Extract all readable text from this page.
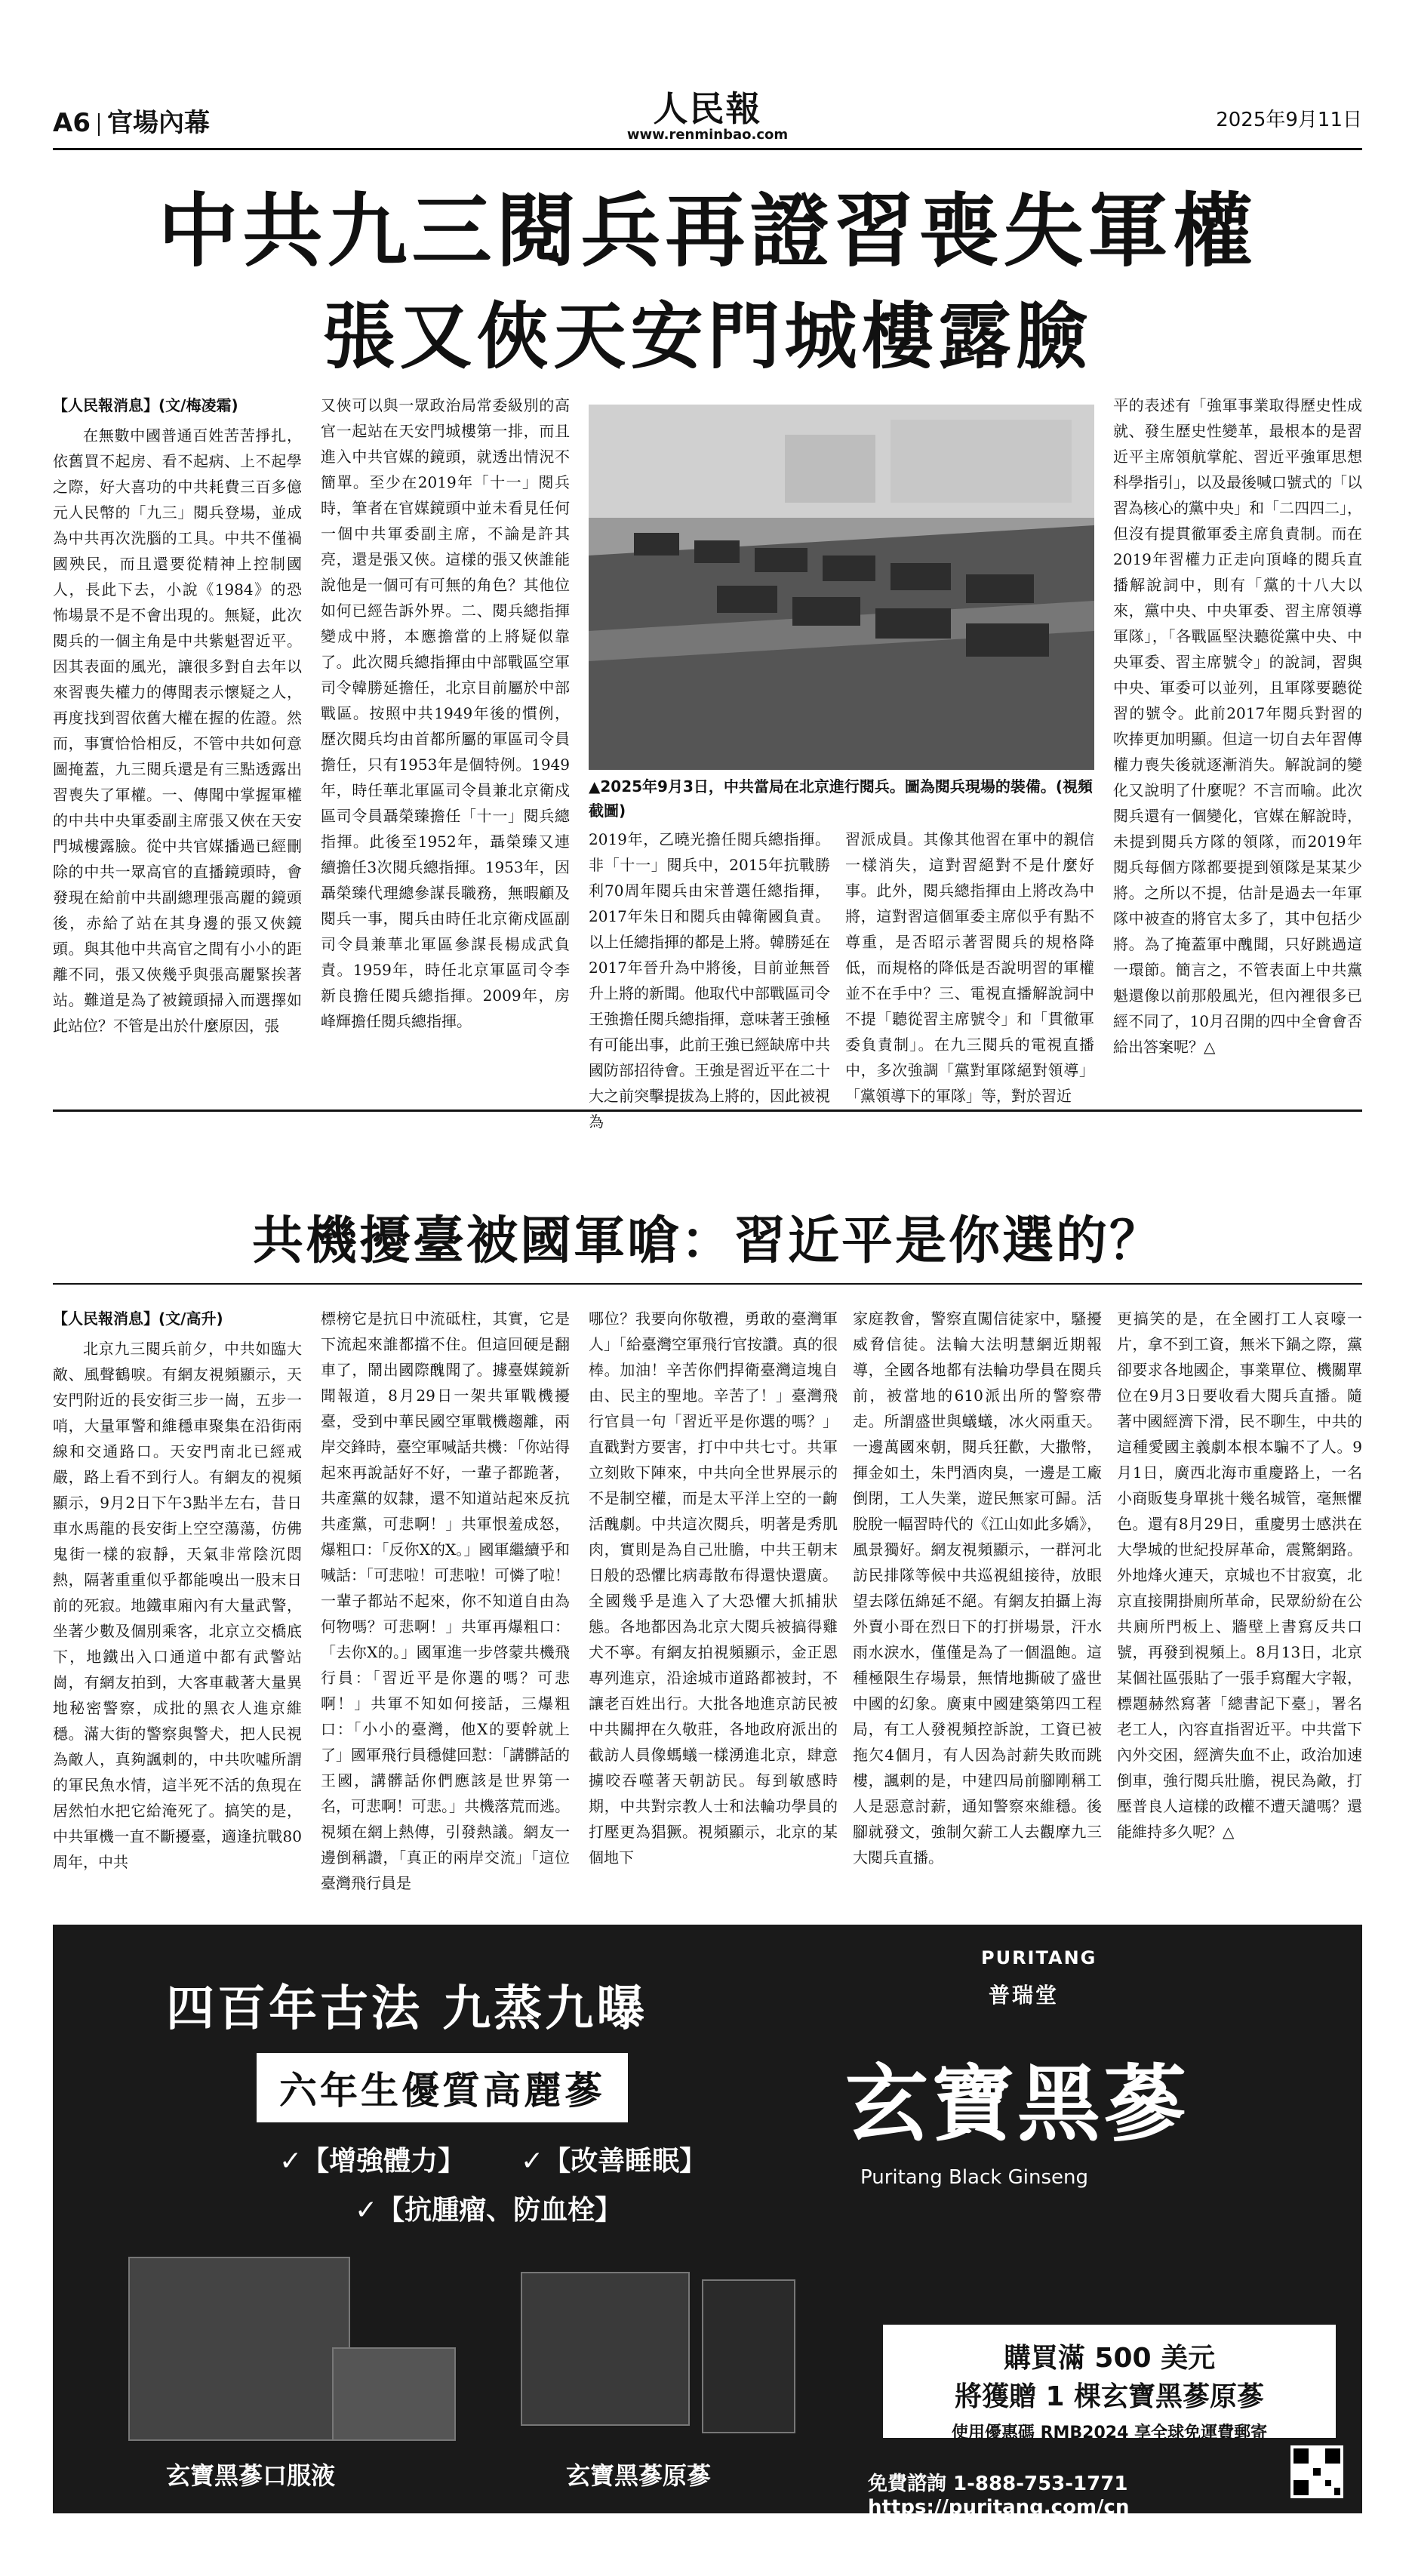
A6 官場內幕	人民報
www.renminbao.com
2025年9月11日
中共九三閱兵再證習喪失軍權
張又俠天安門城樓露臉
【人民報消息】(文/梅凌霜)

在無數中國普通百姓苦苦掙扎，依舊買不起房、看不起病、上不起學之際，好大喜功的中共耗費三百多億元人民幣的「九三」閱兵登場，並成為中共再次洗腦的工具。中共不僅禍國殃民，而且還要從精神上控制國人，長此下去，小說《1984》的恐怖場景不是不會出現的。無疑，此次閱兵的一個主角是中共紫魁習近平。因其表面的風光，讓很多對自去年以來習喪失權力的傳聞表示懷疑之人，再度找到習依舊大權在握的佐證。然而，事實恰恰相反，不管中共如何意圖掩蓋，九三閱兵還是有三點透露出習喪失了軍權。一、傳聞中掌握軍權的中共中央軍委副主席張又俠在天安門城樓露臉。從中共官媒播過已經刪除的中共一眾高官的直播鏡頭時，會發現在給前中共副總理張高麗的鏡頭後，赤給了站在其身邊的張又俠鏡頭。與其他中共高官之間有小小的距離不同，張又俠幾乎與張高麗緊挨著站。難道是為了被鏡頭掃入而選擇如此站位？不管是出於什麼原因，張

又俠可以與一眾政治局常委級別的高官一起站在天安門城樓第一排，而且進入中共官媒的鏡頭，就透出情況不簡單。至少在2019年「十一」閱兵時，筆者在官媒鏡頭中並未看見任何一個中共軍委副主席，不論是許其亮，還是張又俠。這樣的張又俠誰能說他是一個可有可無的角色？其他位如何已經告訴外界。二、閱兵總指揮變成中將，本應擔當的上將疑似靠了。此次閱兵總指揮由中部戰區空軍司令韓勝延擔任，北京目前屬於中部戰區。按照中共1949年後的慣例，歷次閱兵均由首都所屬的軍區司令員擔任，只有1953年是個特例。1949年，時任華北軍區司令員兼北京衛戍區司令員聶榮臻擔任「十一」閱兵總指揮。此後至1952年，聶榮臻又連續擔任3次閱兵總指揮。1953年，因聶榮臻代理總參謀長職務，無暇顧及閱兵一事，閱兵由時任北京衛戍區副司令員兼華北軍區參謀長楊成武負責。1959年，時任北京軍區司令李新良擔任閱兵總指揮。2009年，房峰輝擔任閱兵總指揮。

▲2025年9月3日，中共當局在北京進行閱兵。圖為閱兵現場的裝備。(視頻截圖)

2019年，乙曉光擔任閱兵總指揮。非「十一」閱兵中，2015年抗戰勝利70周年閱兵由宋普選任總指揮，2017年朱日和閱兵由韓衛國負責。以上任總指揮的都是上將。韓勝延在2017年晉升為中將後，目前並無晉升上將的新聞。他取代中部戰區司令王強擔任閱兵總指揮，意味著王強極有可能出事，此前王強已經缺席中共國防部招待會。王強是習近平在二十大之前突擊提拔為上將的，因此被視為

習派成員。其像其他習在軍中的親信一樣消失，這對習絕對不是什麼好事。此外，閱兵總指揮由上將改為中將，這對習這個軍委主席似乎有點不尊重，是否昭示著習閱兵的規格降低，而規格的降低是否說明習的軍權並不在手中？三、電視直播解說詞中不提「聽從習主席號令」和「貫徹軍委負責制」。在九三閱兵的電視直播中，多次強調「黨對軍隊絕對領導」「黨領導下的軍隊」等，對於習近

平的表述有「強軍事業取得歷史性成就、發生歷史性變革，最根本的是習近平主席領航掌舵、習近平強軍思想科學指引」，以及最後喊口號式的「以習為核心的黨中央」和「二四四二」，但沒有提貫徹軍委主席負責制。而在2019年習權力正走向頂峰的閱兵直播解說詞中，則有「黨的十八大以來，黨中央、中央軍委、習主席領導軍隊」，「各戰區堅決聽從黨中央、中央軍委、習主席號令」的說詞，習與中央、軍委可以並列，且軍隊要聽從習的號令。此前2017年閱兵對習的吹捧更加明顯。但這一切自去年習傳權力喪失後就逐漸消失。解說詞的變化又說明了什麼呢？不言而喻。此次閱兵還有一個變化，官媒在解說時，未提到閱兵方隊的領隊，而2019年閱兵每個方隊都要提到領隊是某某少將。之所以不提，估計是過去一年軍隊中被查的將官太多了，其中包括少將。為了掩蓋軍中醜聞，只好跳過這一環節。簡言之，不管表面上中共黨魁還像以前那般風光，但內裡很多已經不同了，10月召開的四中全會會否給出答案呢？△

共機擾臺被國軍嗆：習近平是你選的？
【人民報消息】(文/高升)

北京九三閱兵前夕，中共如臨大敵、風聲鶴唳。有網友視頻顯示，天安門附近的長安街三步一崗，五步一哨，大量軍警和維穩車聚集在沿街兩線和交通路口。天安門南北已經戒嚴，路上看不到行人。有網友的視頻顯示，9月2日下午3點半左右，昔日車水馬龍的長安街上空空蕩蕩，仿佛鬼街一樣的寂靜，天氣非常陰沉悶熱，隔著重重似乎都能嗅出一股末日前的死寂。地鐵車廂內有大量武警，坐著少數及個別乘客，北京立交橋底下，地鐵出入口通道中都有武警站崗，有網友拍到，大客車載著大量異地秘密警察，成批的黑衣人進京維穩。滿大街的警察與警犬，把人民視為敵人，真夠諷刺的，中共吹噓所謂的軍民魚水情，這半死不活的魚現在居然怕水把它給淹死了。搞笑的是，中共軍機一直不斷擾臺，適逢抗戰80周年，中共

標榜它是抗日中流砥柱，其實，它是下流起來誰都擋不住。但這回硬是翻車了，鬧出國際醜聞了。據臺媒鏡新聞報道，8月29日一架共軍戰機擾臺，受到中華民國空軍戰機趨離，兩岸交鋒時，臺空軍喊話共機：「你站得起來再說話好不好，一輩子都跪著，共產黨的奴隸，還不知道站起來反抗共產黨，可悲啊！」共軍恨羞成怒，爆粗口：「反你X的X。」國軍繼續乎和喊話：「可悲啦！可悲啦！可憐了啦！一輩子都站不起來，你不知道自由為何物嗎？可悲啊！」共軍再爆粗口：「去你X的。」國軍進一步啓蒙共機飛行員：「習近平是你選的嗎？可悲啊！」共軍不知如何接話，三爆粗口：「小小的臺灣，他X的要幹就上了」國軍飛行員穩健回懟：「講髒話的王國，講髒話你們應該是世界第一名，可悲啊！可悲。」共機落荒而逃。視頻在網上熱傳，引發熱議。網友一邊倒稱讚，「真正的兩岸交流」「這位臺灣飛行員是

哪位？我要向你敬禮，勇敢的臺灣軍人」「給臺灣空軍飛行官按讚。真的很棒。加油！辛苦你們捍衛臺灣這塊自由、民主的聖地。辛苦了！」臺灣飛行官員一句「習近平是你選的嗎？」直戳對方要害，打中中共七寸。共軍立刻敗下陣來，中共向全世界展示的不是制空權，而是太平洋上空的一齣活醜劇。中共這次閱兵，明著是秀肌肉，實則是為自己壯膽，中共王朝末日般的恐懼比病毒散布得還快還廣。全國幾乎是進入了大恐懼大抓捕狀態。各地都因為北京大閱兵被搞得雞犬不寧。有網友拍視頻顯示，金正恩專列進京，沿途城市道路都被封，不讓老百姓出行。大批各地進京訪民被中共關押在久敬莊，各地政府派出的截訪人員像螞蟻一樣湧進北京，肆意擄咬吞噬著天朝訪民。每到敏感時期，中共對宗教人士和法輪功學員的打壓更為猖獗。視頻顯示，北京的某個地下

家庭教會，警察直闖信徒家中，騷擾威脅信徒。法輪大法明慧網近期報導，全國各地都有法輪功學員在閱兵前，被當地的610派出所的警察帶走。所謂盛世與蟻蟻，冰火兩重天。一邊萬國來朝，閱兵狂歡，大撒幣，揮金如土，朱門酒肉臭，一邊是工廠倒閉，工人失業，遊民無家可歸。活脫脫一幅習時代的《江山如此多嬌》，風景獨好。網友視頻顯示，一群河北訪民排隊等候中共巡視組接待，放眼望去隊伍綿延不絕。有網友拍攝上海外賣小哥在烈日下的打拼場景，汗水雨水淚水，僅僅是為了一個溫飽。這種極限生存場景，無情地撕破了盛世中國的幻象。廣東中國建築第四工程局，有工人發視頻控訴說，工資已被拖欠4個月，有人因為討薪失敗而跳樓，諷刺的是，中建四局前腳剛稱工人是惡意討薪，通知警察來維穩。後腳就發文，強制欠薪工人去觀摩九三大閱兵直播。

更搞笑的是，在全國打工人哀嚎一片，拿不到工資，無米下鍋之際，黨卻要求各地國企，事業單位、機關單位在9月3日要收看大閱兵直播。隨著中國經濟下滑，民不聊生，中共的這種愛國主義劇本根本騙不了人。9月1日，廣西北海市重慶路上，一名小商販隻身單挑十幾名城管，毫無懼色。還有8月29日，重慶男士感洪在大學城的世紀投屏革命，震驚網路。外地烽火連天，京城也不甘寂寞，北京直接開掛廁所革命，民眾紛紛在公共廁所門板上、牆壁上書寫反共口號，再發到視頻上。8月13日，北京某個社區張貼了一張手寫醒大字報，標題赫然寫著「總書記下臺」，署名老工人，內容直指習近平。中共當下內外交困，經濟失血不止，政治加速倒車，強行閱兵壯膽，視民為敵，打壓普良人這樣的政權不遭天譴嗎？還能維持多久呢？△

四百年古法 九蒸九曝
六年生優質高麗蔘
✓【增強體力】 ✓【改善睡眠】
✓【抗腫瘤、防血栓】
PURITANG
普瑞堂
玄寶黑蔘
Puritang Black Ginseng
購買滿 500 美元
將獲贈 1 棵玄寶黑蔘原蔘
使用優惠碼 RMB2024 享全球免運費郵寄
玄寶黑蔘口服液	玄寶黑蔘原蔘	免費諮詢 1-888-753-1771 https://puritang.com/cn
